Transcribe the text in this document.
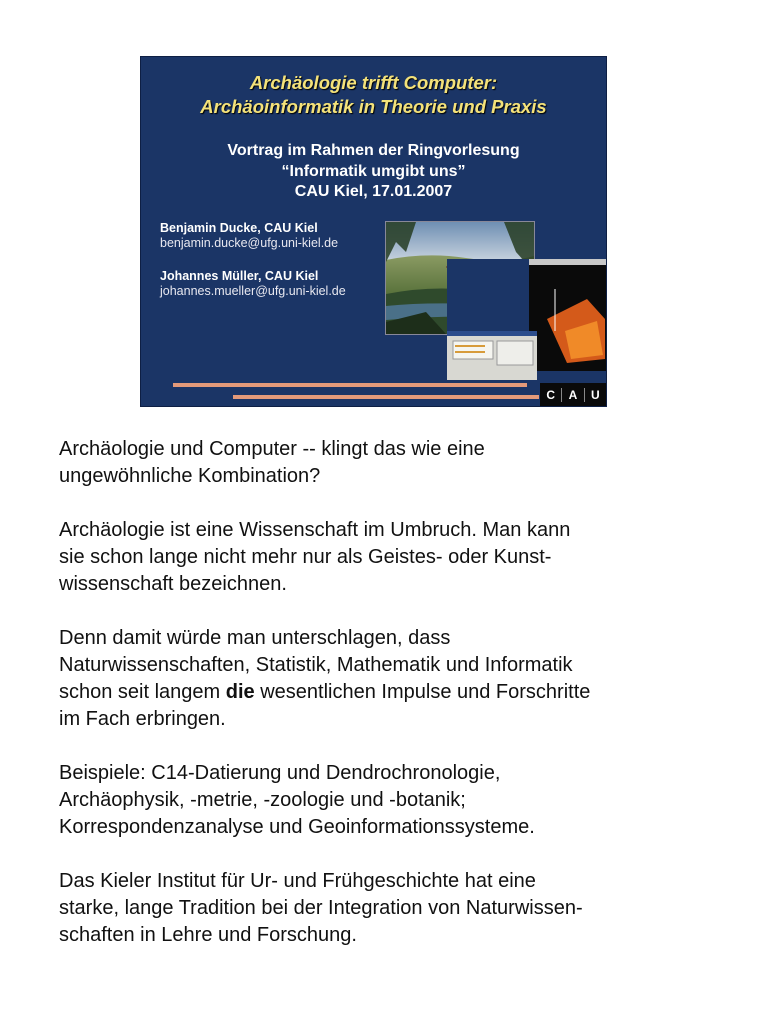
Archäologie trifft Computer:
Archäoinformatik in Theorie und Praxis
Vortrag im Rahmen der Ringvorlesung
“Informatik umgibt uns”
CAU Kiel, 17.01.2007
Benjamin Ducke, CAU Kiel
benjamin.ducke@ufg.uni-kiel.de
Johannes Müller, CAU Kiel
johannes.mueller@ufg.uni-kiel.de
C	A	U
Archäologie und Computer -- klingt das wie eine
ungewöhnliche Kombination?
Archäologie ist eine Wissenschaft im Umbruch. Man kann
sie schon lange nicht mehr nur als Geistes- oder Kunst-
wissenschaft bezeichnen.
Denn damit würde man unterschlagen, dass
Naturwissenschaften, Statistik, Mathematik und Informatik
schon seit langem die wesentlichen Impulse und Forschritte
im Fach erbringen.
Beispiele: C14-Datierung und Dendrochronologie,
Archäophysik, -metrie, -zoologie und -botanik;
Korrespondenzanalyse und Geoinformationssysteme.
Das Kieler Institut für Ur- und Frühgeschichte hat eine
starke, lange Tradition bei der Integration von Naturwissen-
schaften in Lehre und Forschung.
